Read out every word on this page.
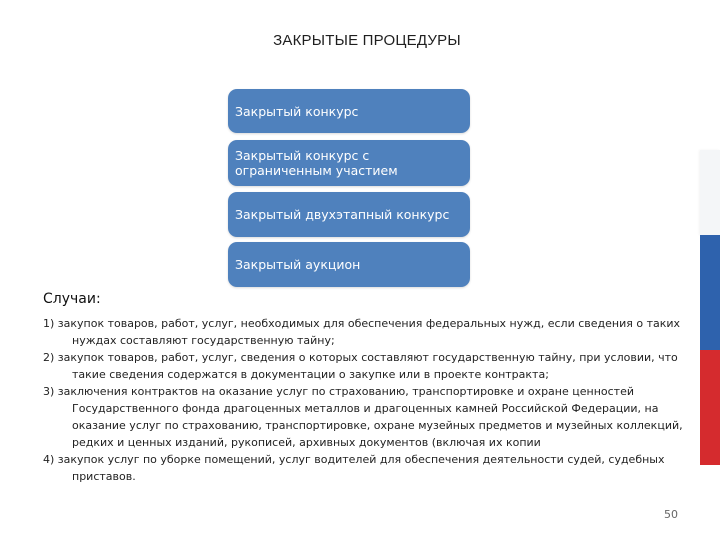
ЗАКРЫТЫЕ ПРОЦЕДУРЫ
Закрытый конкурс
Закрытый конкурс с ограниченным участием
Закрытый двухэтапный конкурс
Закрытый аукцион
Случаи:
1) закупок товаров, работ, услуг, необходимых для обеспечения федеральных нужд, если сведения о таких нуждах составляют государственную тайну;
2) закупок товаров, работ, услуг, сведения о которых составляют государственную тайну, при условии, что такие сведения содержатся в документации о закупке или в проекте контракта;
3) заключения контрактов на оказание услуг по страхованию, транспортировке и охране ценностей Государственного фонда драгоценных металлов и драгоценных камней Российской Федерации, на оказание услуг по страхованию, транспортировке, охране музейных предметов и музейных коллекций, редких и ценных изданий, рукописей, архивных документов (включая их копии
4) закупок услуг по уборке помещений, услуг водителей для обеспечения деятельности судей, судебных приставов.
50
